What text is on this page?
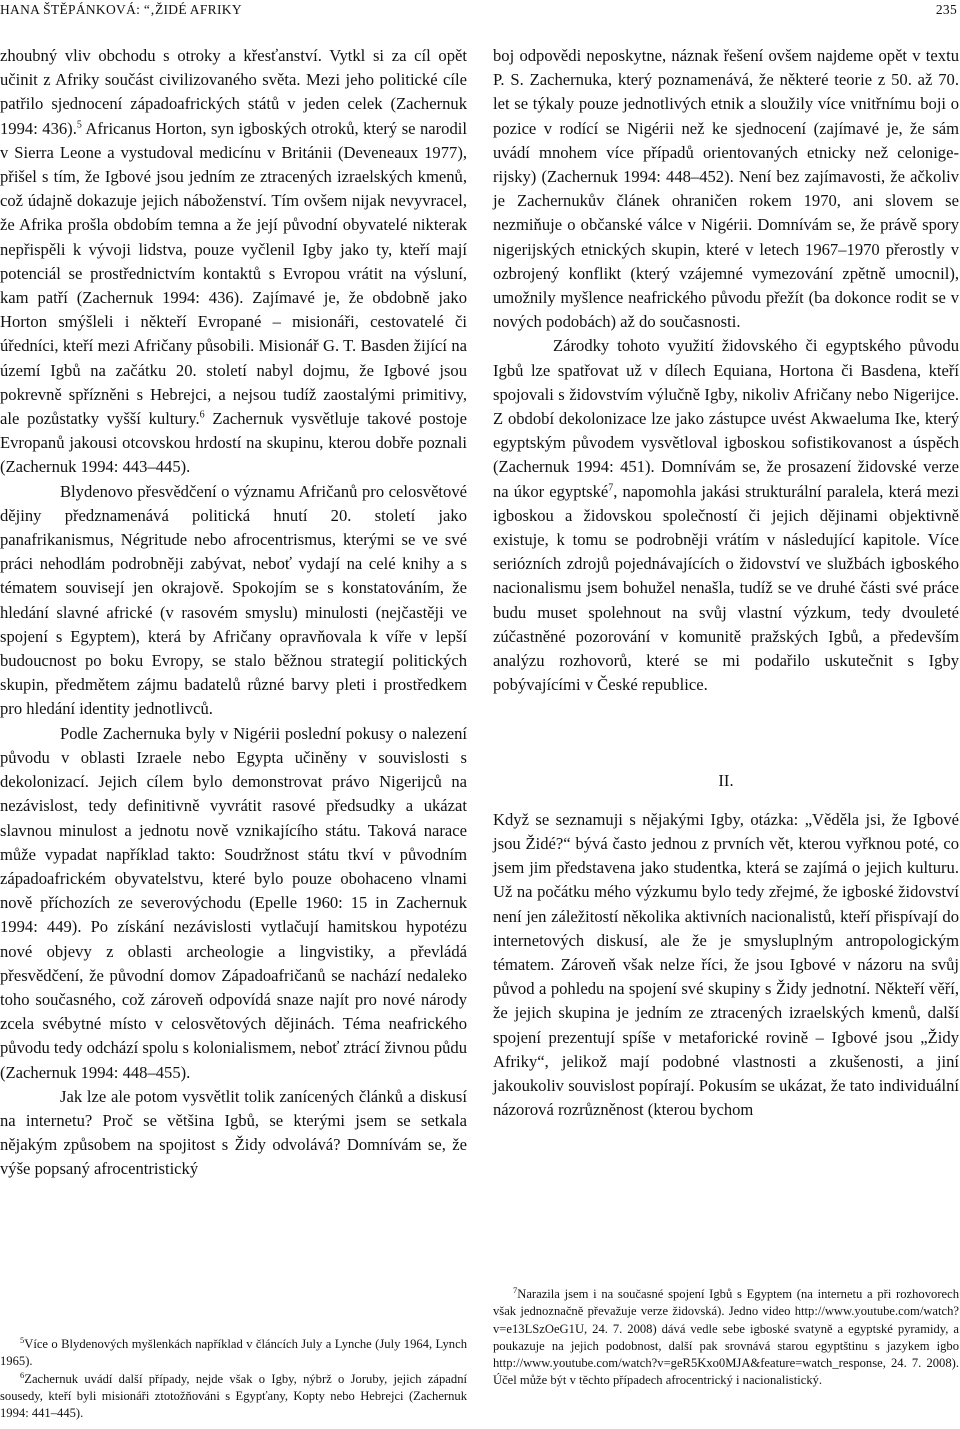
HANA ŠTĚPÁNKOVÁ: “‚ŽIDÉ AFRIKY	235

zhoubný vliv obchodu s otroky a křesťanství. Vytkl si za cíl opět učinit z Afriky součást civilizovaného světa. Mezi jeho politické cíle patřilo sjednocení západoafrických států v jeden celek (Zachernuk 1994: 436).$^5$ Africanus Horton, syn igboských otroků, který se narodil v Sierra Leone a vystudoval medicínu v Británii (Deveneaux 1977), přišel s tím, že Igbové jsou jedním ze ztracených izraelských kmenů, což údajně dokazuje jejich náboženství. Tím ovšem nijak nevyvracel, že Afrika prošla obdobím temna a že její původní obyvatelé nikterak nepřispěli k vývoji lidstva, pouze vyčlenil Igby jako ty, kteří mají potenciál se prostřednictvím kontaktů s Evropou vrátit na výsluní, kam patří (Zachernuk 1994: 436). Zajímavé je, že obdobně jako Horton smýšleli i někteří Evropané – misionáři, cestovatelé či úředníci, kteří mezi Afričany působili. Misionář G. T. Basden žijící na území Igbů na začátku 20. století nabyl dojmu, že Igbové jsou pokrevně spřízněni s Hebrejci, a nejsou tudíž zaostalými primitivy, ale pozůstatky vyšší kultury.$^6$ Zachernuk vysvětluje takové postoje Evropanů jakousi otcovskou hrdostí na skupinu, kterou dobře poznali (Zachernuk 1994: 443–445).

Blydenovo přesvědčení o významu Afričanů pro celosvětové dějiny předznamenává politická hnutí 20. století jako panafrikanismus, Négritude nebo afrocentrismus, kterými se ve své práci nehodlám podrobněji zabývat, neboť vydají na celé knihy a s tématem souvisejí jen okrajově. Spokojím se s konstatováním, že hledání slavné africké (v rasovém smyslu) minulosti (nejčastěji ve spojení s Egyptem), která by Afričany opravňovala k víře v lepší budoucnost po boku Evropy, se stalo běžnou strategií politických skupin, předmětem zájmu badatelů různé barvy pleti i prostředkem pro hledání identity jednotlivců.

Podle Zachernuka byly v Nigérii poslední pokusy o nalezení původu v oblasti Izraele nebo Egypta učiněny v souvislosti s dekolonizací. Jejich cílem bylo demonstrovat právo Nigerijců na nezávislost, tedy definitivně vyvrátit rasové předsudky a ukázat slavnou minulost a jednotu nově vznikajícího státu. Taková narace může vypadat například takto: Soudržnost státu tkví v původním západoafrickém obyvatelstvu, které bylo pouze obohaceno vlnami nově příchozích ze severovýchodu (Epelle 1960: 15 in Zachernuk 1994: 449). Po získání nezávislosti vytlačují hamitskou hypotézu nové objevy z oblasti archeologie a lingvistiky, a převládá přesvědčení, že původní domov Západoafričanů se nachází nedaleko toho současného, což zároveň odpovídá snaze najít pro nové národy zcela svébytné místo v celosvětových dějinách. Téma neafrického původu tedy odchází spolu s kolonialismem, neboť ztrácí živnou půdu (Zachernuk 1994: 448–455).

Jak lze ale potom vysvětlit tolik zanícených článků a diskusí na internetu? Proč se většina Igbů, se kterými jsem se setkala nějakým způsobem na spojitost s Židy odvolává? Domnívám se, že výše popsaný afrocentristický

boj odpovědi neposkytne, náznak řešení ovšem najdeme opět v textu P. S. Zachernuka, který poznamenává, že některé teorie z 50. až 70. let se týkaly pouze jednotlivých etnik a sloužily více vnitřnímu boji o pozice v rodící se Nigérii než ke sjednocení (zajímavé je, že sám uvádí mnohem více případů orientovaných etnicky než celonigerijsky) (Zachernuk 1994: 448–452). Není bez zajímavosti, že ačkoliv je Zachernukův článek ohraničen rokem 1970, ani slovem se nezmiňuje o občanské válce v Nigérii. Domnívám se, že právě spory nigerijských etnických skupin, které v letech 1967–1970 přerostly v ozbrojený konflikt (který vzájemné vymezování zpětně umocnil), umožnily myšlence neafrického původu přežít (ba dokonce rodit se v nových podobách) až do současnosti.

Zárodky tohoto využití židovského či egyptského původu Igbů lze spatřovat už v dílech Equiana, Hortona či Basdena, kteří spojovali s židovstvím výlučně Igby, nikoliv Afričany nebo Nigerijce. Z období dekolonizace lze jako zástupce uvést Akwaeluma Ike, který egyptským původem vysvětloval igboskou sofistikovanost a úspěch (Zachernuk 1994: 451). Domnívám se, že prosazení židovské verze na úkor egyptské$^7$, napomohla jakási strukturální paralela, která mezi igboskou a židovskou společností či jejich dějinami objektivně existuje, k tomu se podrobněji vrátím v následující kapitole. Více seriózních zdrojů pojednávajících o židovství ve službách igboského nacionalismu jsem bohužel nenašla, tudíž se ve druhé části své práce budu muset spolehnout na svůj vlastní výzkum, tedy dvouleté zúčastněné pozorování v komunitě pražských Igbů, a především analýzu rozhovorů, které se mi podařilo uskutečnit s Igby pobývajícími v České republice.

II.

Když se seznamuji s nějakými Igby, otázka: „Věděla jsi, že Igbové jsou Židé?“ bývá často jednou z prvních vět, kterou vyřknou poté, co jsem jim představena jako studentka, která se zajímá o jejich kulturu. Už na počátku mého výzkumu bylo tedy zřejmé, že igboské židovství není jen záležitostí několika aktivních nacionalistů, kteří přispívají do internetových diskusí, ale že je smysluplným antropologickým tématem. Zároveň však nelze říci, že jsou Igbové v názoru na svůj původ a pohledu na spojení své skupiny s Židy jednotní. Někteří věří, že jejich skupina je jedním ze ztracených izraelských kmenů, další spojení prezentují spíše v metaforické rovině – Igbové jsou „Židy Afriky“, jelikož mají podobné vlastnosti a zkušenosti, a jiní jakoukoliv souvislost popírají. Pokusím se ukázat, že tato individuální názorová rozrůzněnost (kterou bychom

$^5$Více o Blydenových myšlenkách například v článcích July a Lynche (July 1964, Lynch 1965).

$^6$Zachernuk uvádí další případy, nejde však o Igby, nýbrž o Joruby, jejich západní sousedy, kteří byli misionáři ztotožňováni s Egypťany, Kopty nebo Hebrejci (Zachernuk 1994: 441–445).

$^7$Narazila jsem i na současné spojení Igbů s Egyptem (na internetu a při rozhovorech však jednoznačně převažuje verze židovská). Jedno video http://www.youtube.com/watch?v=e13LSzOeG1U, 24. 7. 2008) dává vedle sebe igboské svatyně a egyptské pyramidy, a poukazuje na jejich podobnost, další pak srovnává starou egyptštinu s jazykem igbo http://www.youtube.com/watch?v=geR5Kxo0MJA&feature=watch_response, 24. 7. 2008). Účel může být v těchto případech afrocentrický i nacionalistický.
